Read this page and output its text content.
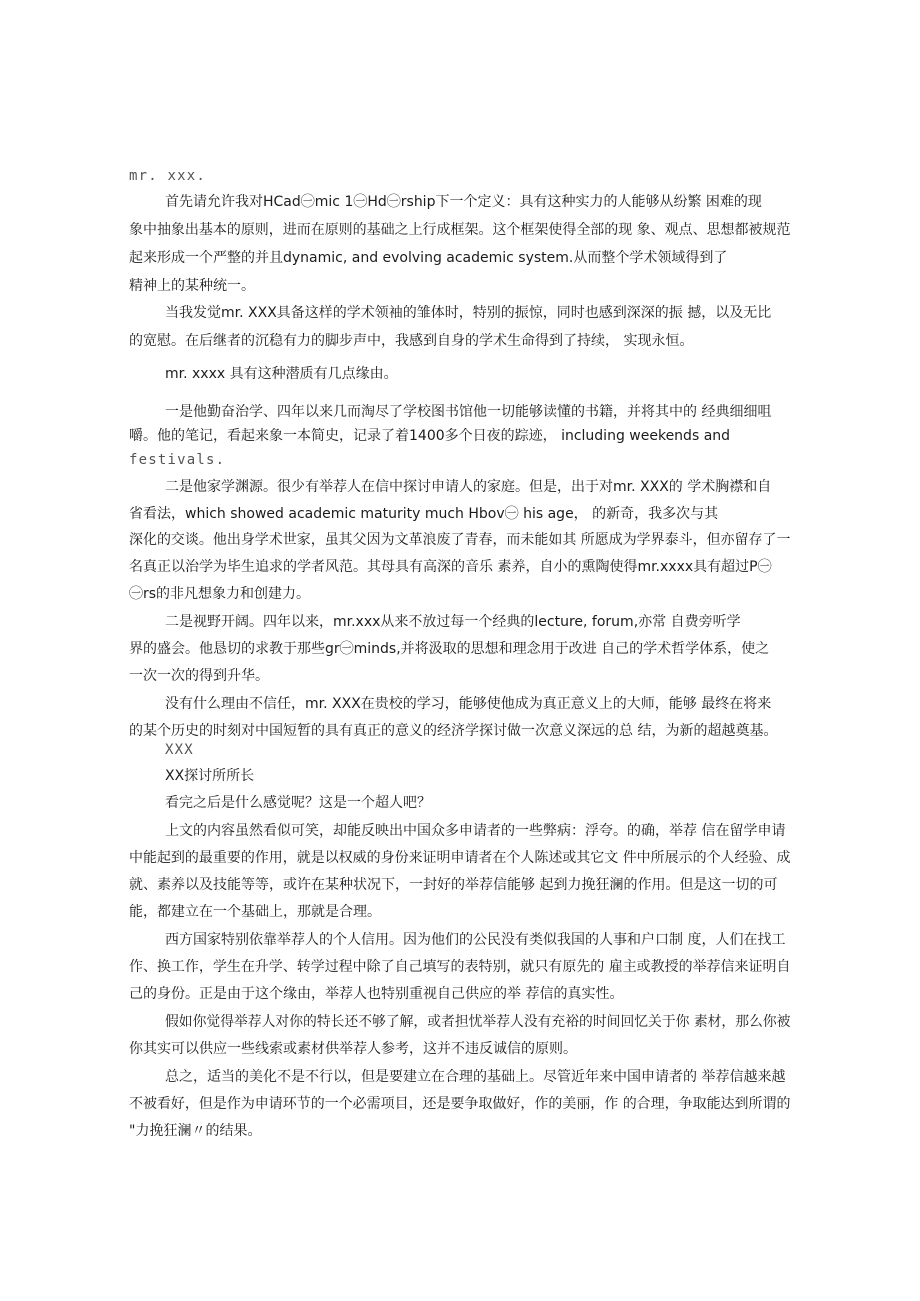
mr. xxx.
首先请允许我对HCad㊀mic 1㊀Hd㊀rship下一个定义：具有这种实力的人能够从纷繁 困难的现
象中抽象出基本的原则，进而在原则的基础之上行成框架。这个框架使得全部的现 象、观点、思想都被规范
起来形成一个严整的并且dynamic, and evolving academic system.从而整个学术领域得到了
精神上的某种统一。
当我发觉mr. XXX具备这样的学术领袖的雏体时，特别的振惊，同时也感到深深的振 撼，以及无比
的宽慰。在后继者的沉稳有力的脚步声中，我感到自身的学术生命得到了持续， 实现永恒。
mr. xxxx 具有这种潜质有几点缘由。
一是他勤奋治学、四年以来几而淘尽了学校图书馆他一切能够读懂的书籍，并将其中的 经典细细咀
嚼。他的笔记，看起来象一本简史，记录了着1400多个日夜的踪迹， including weekends and
festivals.
二是他家学渊源。很少有举荐人在信中探讨申请人的家庭。但是，出于对mr. XXX的 学术胸襟和自
省看法，which showed academic maturity much Hbov㊀ his age， 的新奇，我多次与其
深化的交谈。他出身学术世家，虽其父因为文革浪废了青春，而未能如其 所愿成为学界泰斗，但亦留存了一
名真正以治学为毕生追求的学者风范。其母具有高深的音乐 素养，自小的熏陶使得mr.xxxx具有超过P㊀
㊀rs的非凡想象力和创建力。
二是视野开阔。四年以来，mr.xxx从来不放过每一个经典的lecture, forum,亦常 自费旁听学
界的盛会。他恳切的求教于那些gr㊀minds,并将汲取的思想和理念用于改进 自己的学术哲学体系，使之
一次一次的得到升华。
没有什么理由不信任，mr. XXX在贵校的学习，能够使他成为真正意义上的大师，能够 最终在将来
的某个历史的时刻对中国短暂的具有真正的意义的经济学探讨做一次意义深远的总 结，为新的超越奠基。
XXX
XX探讨所所长
看完之后是什么感觉呢？这是一个超人吧？
上文的内容虽然看似可笑，却能反映出中国众多申请者的一些弊病：浮夸。的确，举荐 信在留学申请
中能起到的最重要的作用，就是以权威的身份来证明申请者在个人陈述或其它文 件中所展示的个人经验、成
就、素养以及技能等等，或许在某种状况下，一封好的举荐信能够 起到力挽狂澜的作用。但是这一切的可
能，都建立在一个基础上，那就是合理。
西方国家特别依靠举荐人的个人信用。因为他们的公民没有类似我国的人事和户口制 度，人们在找工
作、换工作，学生在升学、转学过程中除了自己填写的表特别，就只有原先的 雇主或教授的举荐信来证明自
己的身份。正是由于这个缘由，举荐人也特别重视自己供应的举 荐信的真实性。
假如你觉得举荐人对你的特长还不够了解，或者担忧举荐人没有充裕的时间回忆关于你 素材，那么你被
你其实可以供应一些线索或素材供举荐人参考，这并不违反诚信的原则。
总之，适当的美化不是不行以，但是要建立在合理的基础上。尽管近年来中国申请者的 举荐信越来越
不被看好，但是作为申请环节的一个必需项目，还是要争取做好，作的美丽，作 的合理，争取能达到所谓的
"力挽狂澜〃的结果。
